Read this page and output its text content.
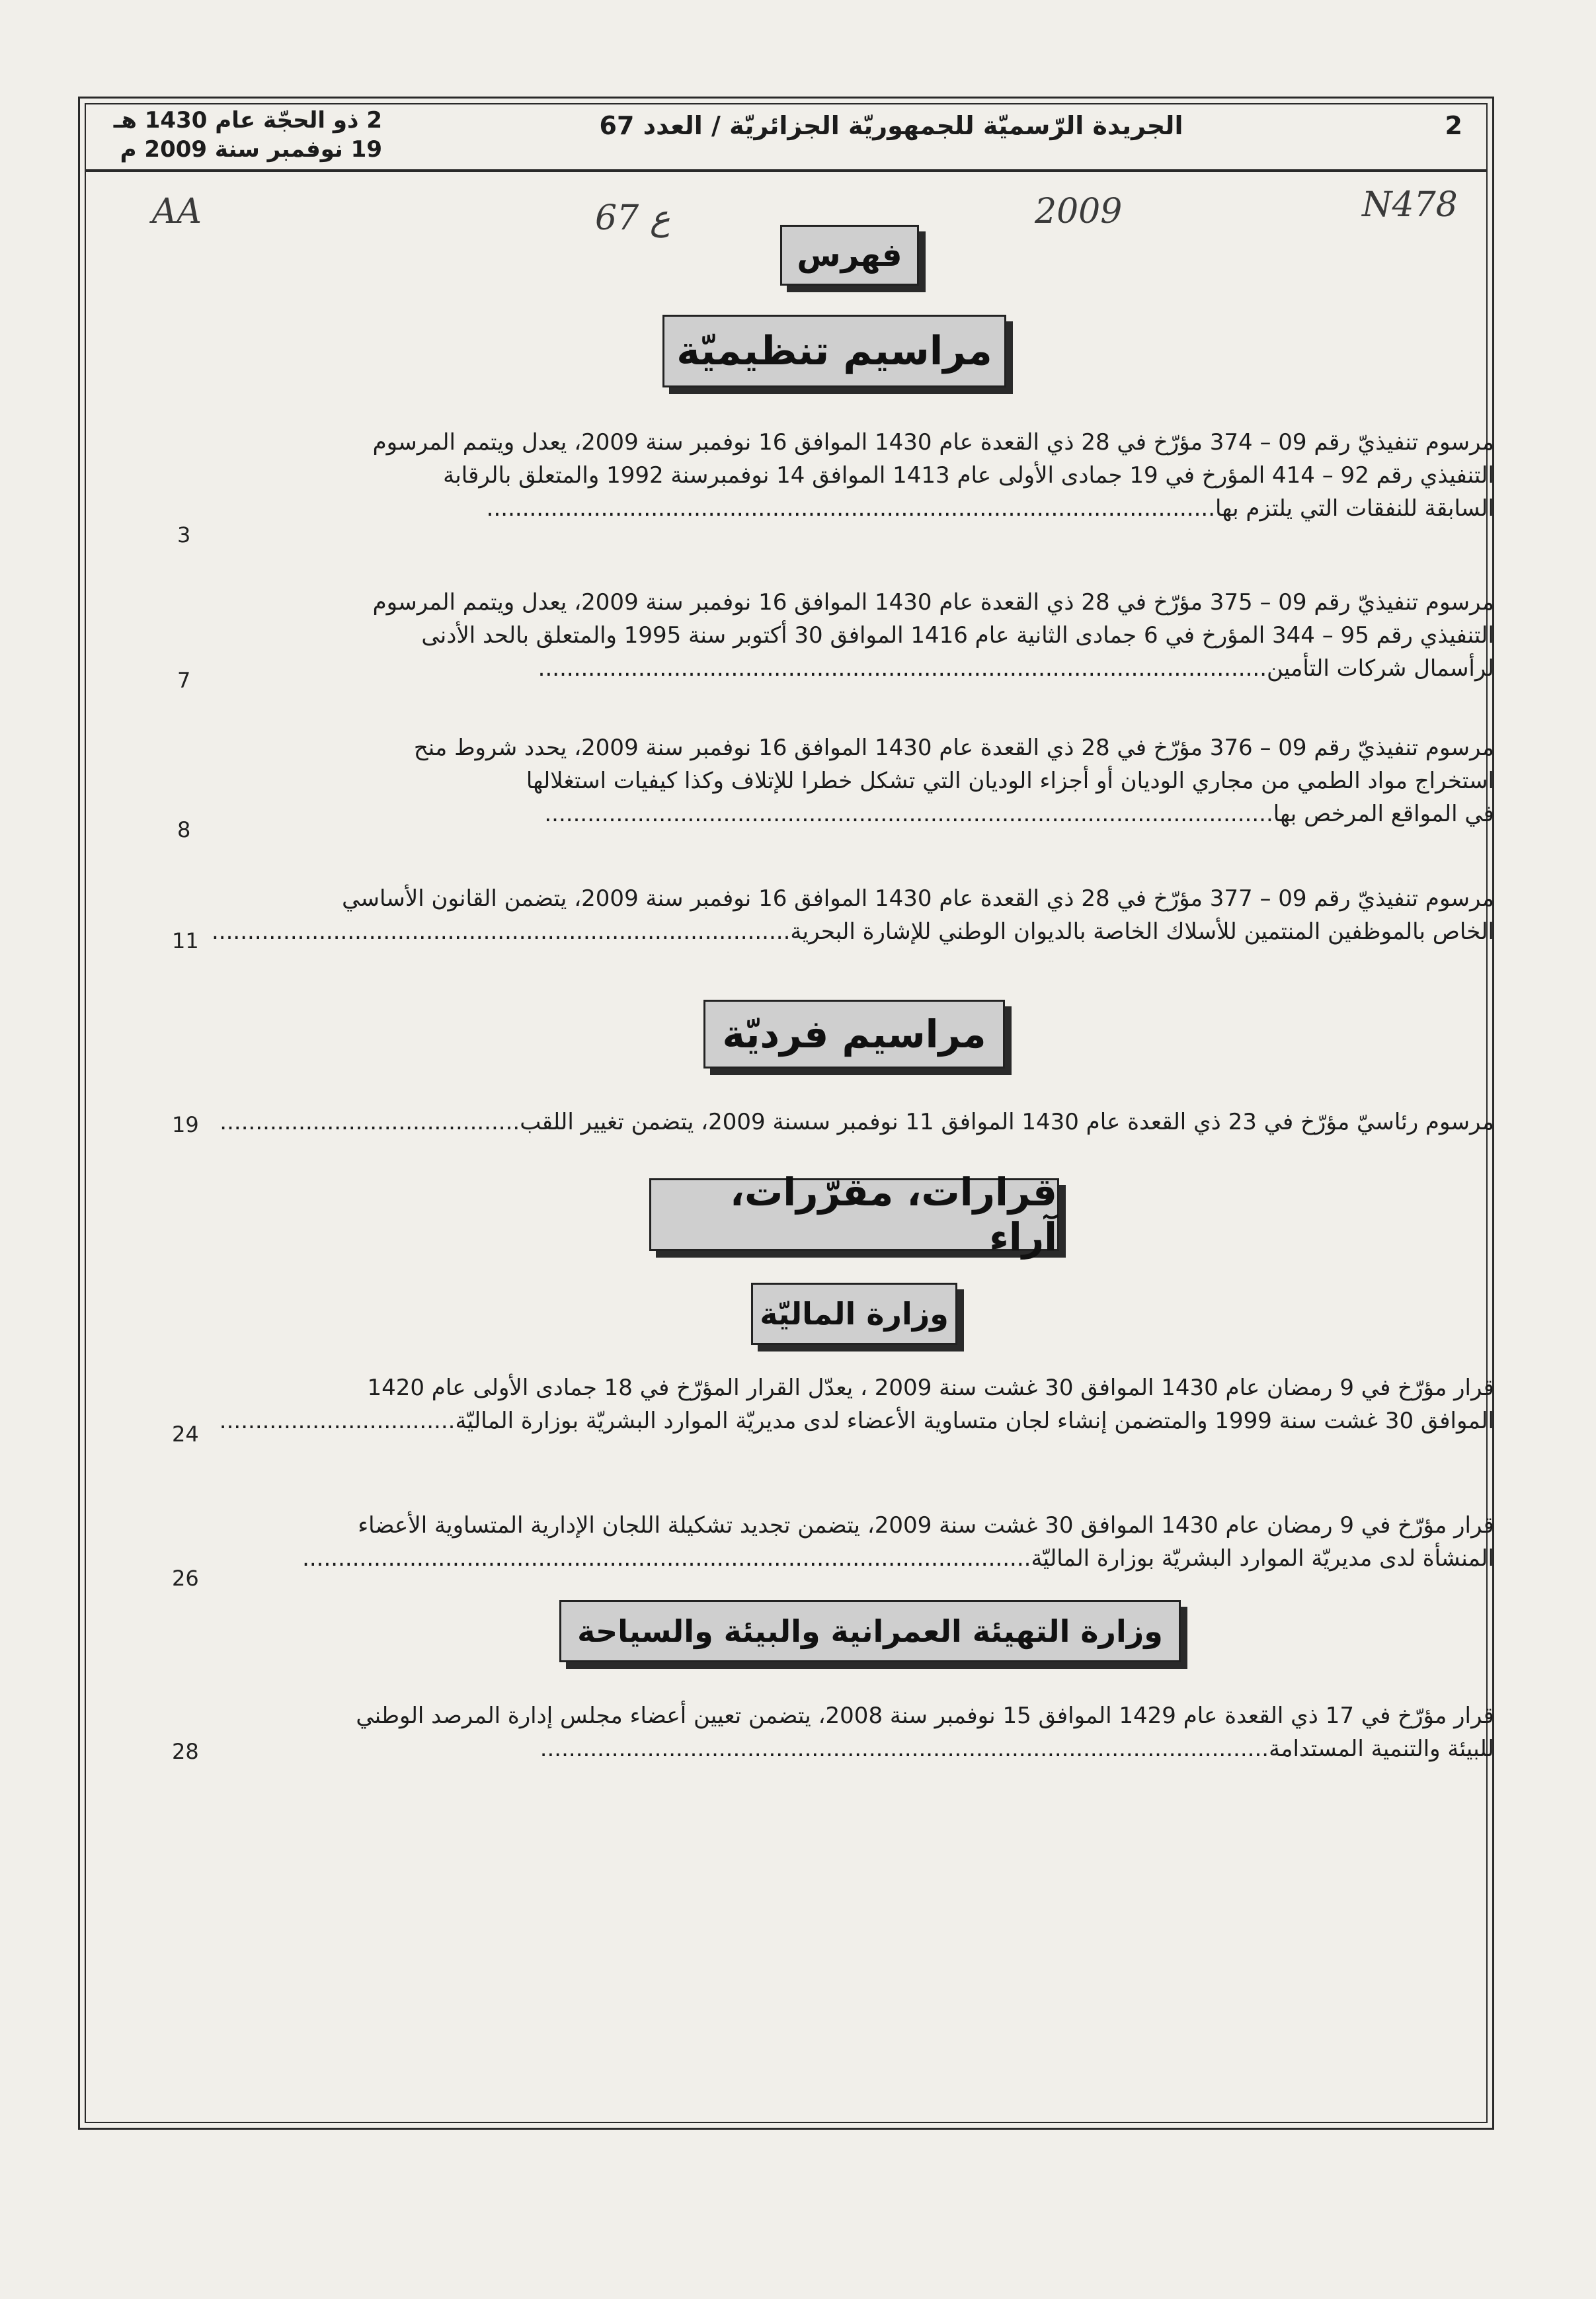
2
الجريدة الرّسميّة للجمهوريّة الجزائريّة / العدد 67
2 ذو الحجّة عام 1430 هـ
19 نوفمبر سنة 2009 م
AA	67 ع	2009	N478
فهرس
مراسيم تنظيميّة
مراسيم فرديّة
قرارات، مقرّرات، آراء
وزارة الماليّة
وزارة التهيئة العمرانية والبيئة والسياحة
مرسوم تنفيذيّ رقم 09 – 374 مؤرّخ في 28 ذي القعدة عام 1430 الموافق 16 نوفمبر سنة 2009، يعدل ويتمم المرسوم
التنفيذي رقم 92 – 414 المؤرخ في 19 جمادى الأولى عام 1413 الموافق 14 نوفمبرسنة 1992 والمتعلق بالرقابة
السابقة للنفقات التي يلتزم بها......................................................................................................
3
مرسوم تنفيذيّ رقم 09 – 375 مؤرّخ في 28 ذي القعدة عام 1430 الموافق 16 نوفمبر سنة 2009، يعدل ويتمم المرسوم
التنفيذي رقم 95 – 344 المؤرخ في 6 جمادى الثانية عام 1416 الموافق 30 أكتوبر سنة 1995 والمتعلق بالحد الأدنى
لرأسمال شركات التأمين......................................................................................................
7
مرسوم تنفيذيّ رقم 09 – 376 مؤرّخ في 28 ذي القعدة عام 1430 الموافق 16 نوفمبر سنة 2009، يحدد شروط منح
استخراج مواد الطمي من مجاري الوديان أو أجزاء الوديان التي تشكل خطرا للإتلاف وكذا كيفيات استغلالها
في المواقع المرخص بها......................................................................................................
8
مرسوم تنفيذيّ رقم 09 – 377 مؤرّخ في 28 ذي القعدة عام 1430 الموافق 16 نوفمبر سنة 2009، يتضمن القانون الأساسي
الخاص بالموظفين المنتمين للأسلاك الخاصة بالديوان الوطني للإشارة البحرية.................................................................................
11
مرسوم رئاسيّ مؤرّخ في 23 ذي القعدة عام 1430 الموافق 11 نوفمبر سسنة 2009، يتضمن تغيير اللقب..........................................
19
قرار مؤرّخ في 9 رمضان عام 1430 الموافق 30 غشت سنة 2009 ، يعدّل القرار المؤرّخ في 18 جمادى الأولى عام 1420
الموافق 30 غشت سنة 1999 والمتضمن إنشاء لجان متساوية الأعضاء لدى مديريّة الموارد البشريّة بوزارة الماليّة.................................
24
قرار مؤرّخ في 9 رمضان عام 1430 الموافق 30 غشت سنة 2009، يتضمن تجديد تشكيلة اللجان الإدارية المتساوية الأعضاء
المنشأة لدى مديريّة الموارد البشريّة بوزارة الماليّة......................................................................................................
26
قرار مؤرّخ في 17 ذي القعدة عام 1429 الموافق 15 نوفمبر سنة 2008، يتضمن تعيين أعضاء مجلس إدارة المرصد الوطني
للبيئة والتنمية المستدامة......................................................................................................
28
